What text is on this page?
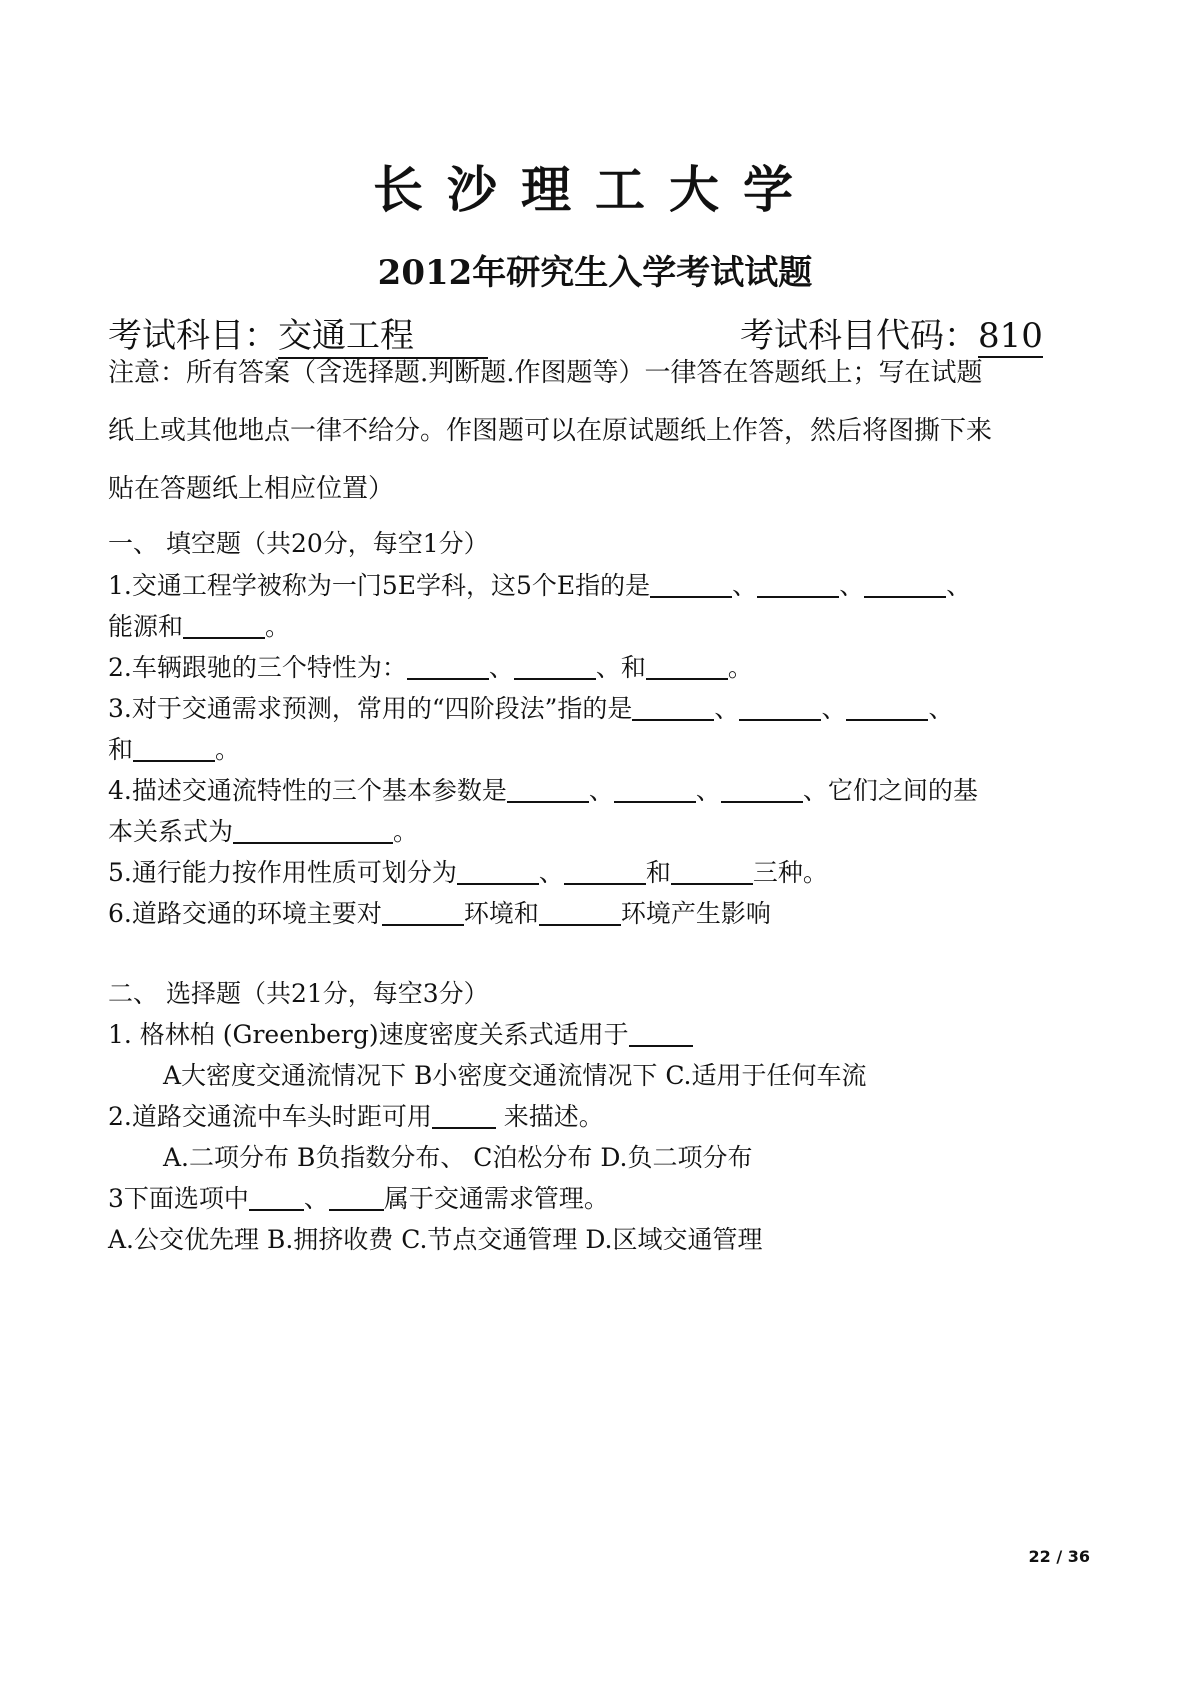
长沙理工大学
2012年研究生入学考试试题
考试科目：交通工程	考试科目代码：810
注意：所有答案（含选择题.判断题.作图题等）一律答在答题纸上；写在试题
纸上或其他地点一律不给分。作图题可以在原试题纸上作答，然后将图撕下来
贴在答题纸上相应位置）
一、 填空题（共20分，每空1分）
1.交通工程学被称为一门5E学科，这5个E指的是	、	、	、
能源和	。
2.车辆跟驰的三个特性为：	、	、和	。
3.对于交通需求预测，常用的“四阶段法”指的是	、	、	、
和	。
4.描述交通流特性的三个基本参数是	、	、	、它们之间的基
本关系式为	。
5.通行能力按作用性质可划分为	、	和	三种。
6.道路交通的环境主要对	环境和	环境产生影响
二、 选择题（共21分，每空3分）
1. 格林柏 (Greenberg)速度密度关系式适用于
A大密度交通流情况下 B小密度交通流情况下 C.适用于任何车流
2.道路交通流中车头时距可用	来描述。
A.二项分布 B负指数分布、 C泊松分布 D.负二项分布
3下面选项中 、 属于交通需求管理。
A.公交优先理 B.拥挤收费 C.节点交通管理 D.区域交通管理
22 / 36
